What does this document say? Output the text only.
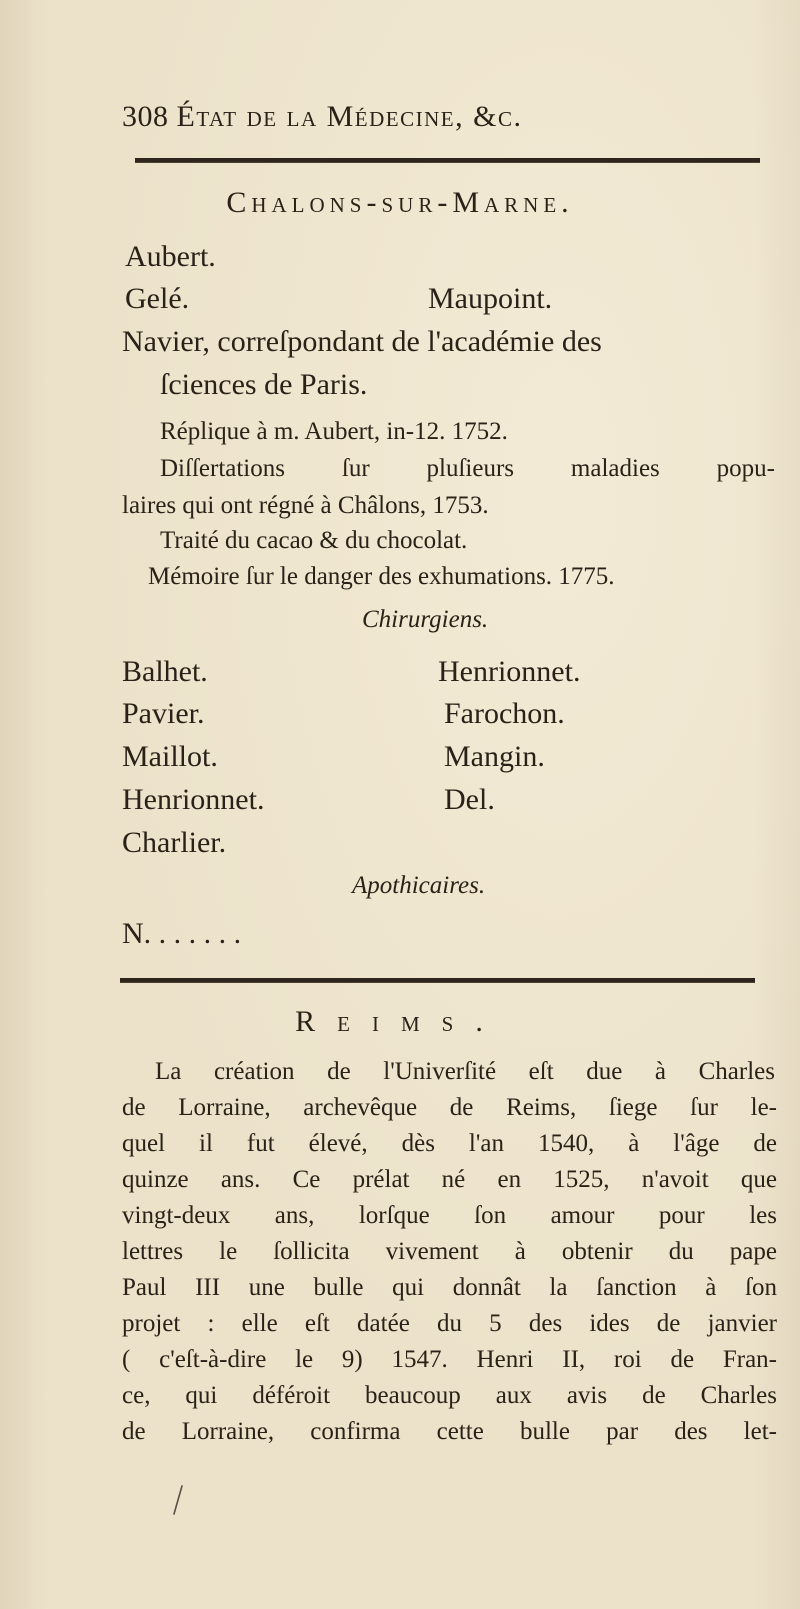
308 État de la Médecine, &c.
Chalons-sur-Marne.
Aubert.
Gelé.	Maupoint.
Navier, correſpondant de l'académie des
ſciences de Paris.
Réplique à m. Aubert, in-12. 1752.
Diſſertations ſur pluſieurs maladies popu-
laires qui ont régné à Châlons, 1753.
Traité du cacao & du chocolat.
Mémoire ſur le danger des exhumations. 1775.
Chirurgiens.
Balhet.
Pavier.
Maillot.
Henrionnet.
Charlier.
Henrionnet.
Farochon.
Mangin.
Del.
Apothicaires.
N. . . . . . .
Reims.
La création de l'Univerſité eſt due à Charles
de Lorraine, archevêque de Reims, ſiege ſur le-
quel il fut élevé, dès l'an 1540, à l'âge de
quinze ans. Ce prélat né en 1525, n'avoit que
vingt-deux ans, lorſque ſon amour pour les
lettres le ſollicita vivement à obtenir du pape
Paul III une bulle qui donnât la ſanction à ſon
projet : elle eſt datée du 5 des ides de janvier
( c'eſt-à-dire le 9) 1547. Henri II, roi de Fran-
ce, qui déféroit beaucoup aux avis de Charles
de Lorraine, confirma cette bulle par des let-
